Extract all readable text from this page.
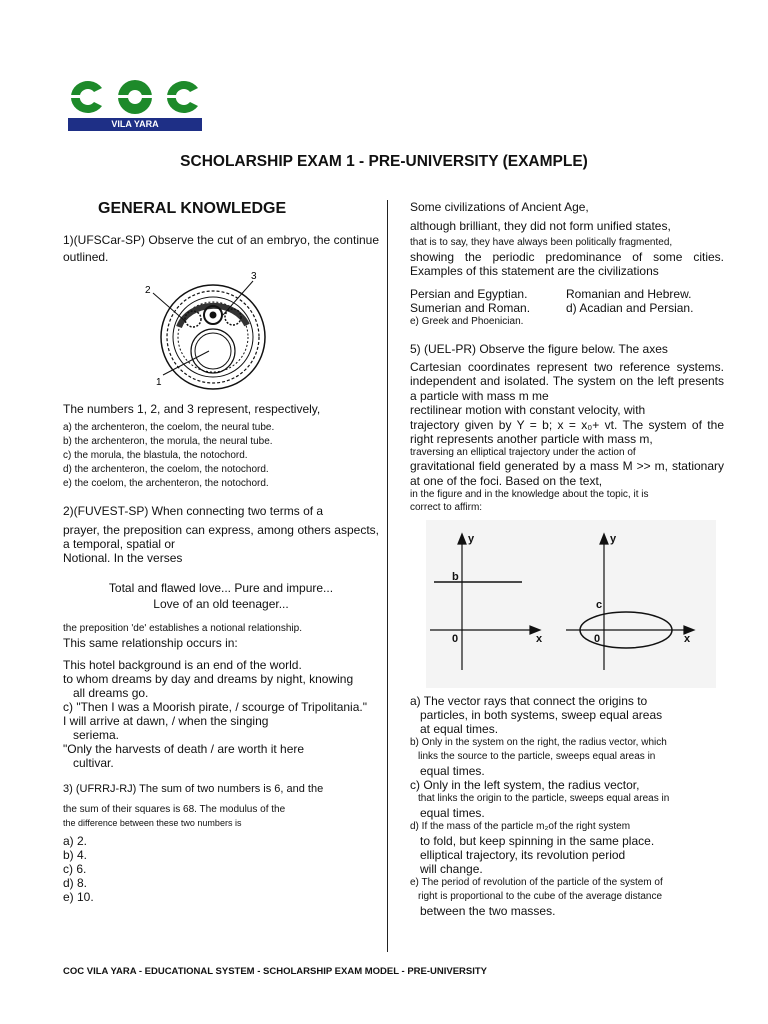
VILA YARA
SCHOLARSHIP EXAM 1 - PRE-UNIVERSITY (EXAMPLE)
GENERAL KNOWLEDGE

1)(UFSCar-SP) Observe the cut of an embryo, the continue outlined.

2
3
1

The numbers 1, 2, and 3 represent, respectively,

a) the archenteron, the coelom, the neural tube.
b) the archenteron, the morula, the neural tube.
c) the morula, the blastula, the notochord.
d) the archenteron, the coelom, the notochord.
e) the coelom, the archenteron, the notochord.

2)(FUVEST-SP) When connecting two terms of a

prayer, the preposition can express, among others aspects, a temporal, spatial or

Notional. In the verses

Total and flawed love... Pure and impure...
Love of an old teenager...

the preposition 'de' establishes a notional relationship.

This same relationship occurs in:

This hotel background is an end of the world.
to whom dreams by day and dreams by night, knowing
all dreams go.
c) "Then I was a Moorish pirate, / scourge of Tripolitania."
I will arrive at dawn, / when the singing
seriema.
"Only the harvests of death / are worth it here
cultivar.

3) (UFRRJ-RJ) The sum of two numbers is 6, and the

the sum of their squares is 68. The modulus of the

the difference between these two numbers is

a) 2.
b) 4.
c) 6.
d) 8.
e) 10.

Some civilizations of Ancient Age,

although brilliant, they did not form unified states,

that is to say, they have always been politically fragmented,

showing the periodic predominance of some cities. Examples of this statement are the civilizations

Persian and Egyptian.	Romanian and Hebrew.
Sumerian and Roman.	d) Acadian and Persian.
e) Greek and Phoenician.

5) (UEL-PR) Observe the figure below. The axes

Cartesian coordinates represent two reference systems. independent and isolated. The system on the left presents a particle with mass m me

rectilinear motion with constant velocity, with

trajectory given by Y = b; x = x₀+ vt. The system of the right represents another particle with mass m,

traversing an elliptical trajectory under the action of

gravitational field generated by a mass M >> m, stationary at one of the foci. Based on the text,

in the figure and in the knowledge about the topic, it is

correct to affirm:

y
x
b
0
y
x
c
0
a) The vector rays that connect the origins to
particles, in both systems, sweep equal areas
at equal times.
b) Only in the system on the right, the radius vector, which
links the source to the particle, sweeps equal areas in
equal times.
c) Only in the left system, the radius vector,
that links the origin to the particle, sweeps equal areas in
equal times.
d) If the mass of the particle m₂of the right system
to fold, but keep spinning in the same place.
elliptical trajectory, its revolution period
will change.
e) The period of revolution of the particle of the system of
right is proportional to the cube of the average distance
between the two masses.
COC VILA YARA - EDUCATIONAL SYSTEM - SCHOLARSHIP EXAM MODEL - PRE-UNIVERSITY
